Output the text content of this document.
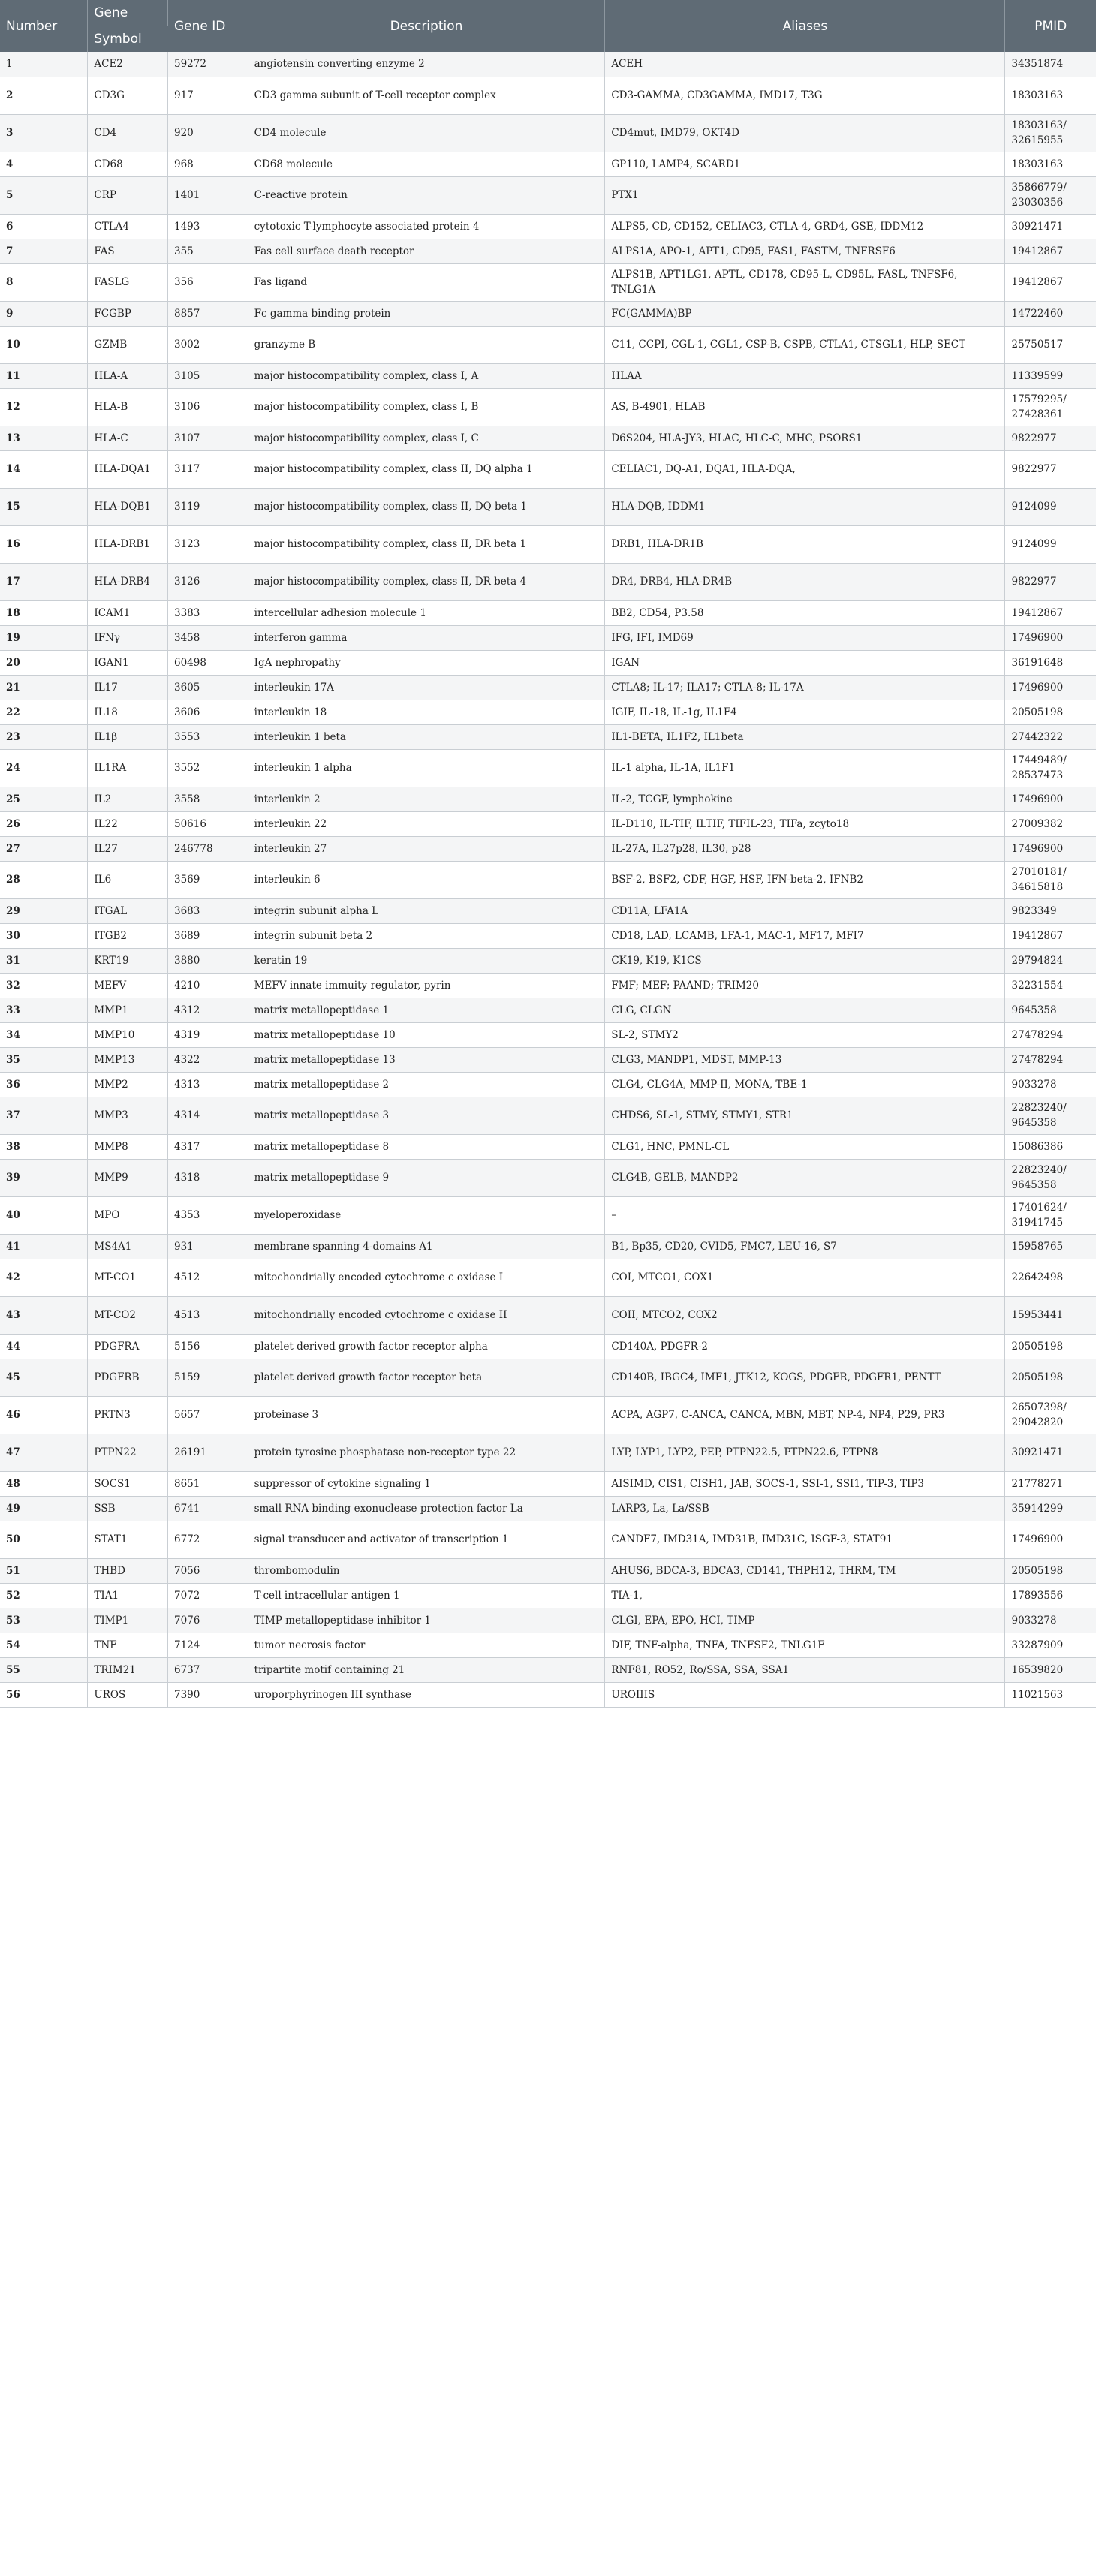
Number	Gene	Gene ID	Description	Aliases	PMID
	Symbol				
1	ACE2	59272	angiotensin converting enzyme 2	ACEH	34351874
2	CD3G	917	CD3 gamma subunit of T-cell receptor complex	CD3-GAMMA, CD3GAMMA, IMD17, T3G	18303163
3	CD4	920	CD4 molecule	CD4mut, IMD79, OKT4D	18303163/ 32615955
4	CD68	968	CD68 molecule	GP110, LAMP4, SCARD1	18303163
5	CRP	1401	C-reactive protein	PTX1	35866779/ 23030356
6	CTLA4	1493	cytotoxic T-lymphocyte associated protein 4	ALPS5, CD, CD152, CELIAC3, CTLA-4, GRD4, GSE, IDDM12	30921471
7	FAS	355	Fas cell surface death receptor	ALPS1A, APO-1, APT1, CD95, FAS1, FASTM, TNFRSF6	19412867
8	FASLG	356	Fas ligand	ALPS1B, APT1LG1, APTL, CD178, CD95-L, CD95L, FASL, TNFSF6, TNLG1A	19412867
9	FCGBP	8857	Fc gamma binding protein	FC(GAMMA)BP	14722460
10	GZMB	3002	granzyme B	C11, CCPI, CGL-1, CGL1, CSP-B, CSPB, CTLA1, CTSGL1, HLP, SECT	25750517
11	HLA-A	3105	major histocompatibility complex, class I, A	HLAA	11339599
12	HLA-B	3106	major histocompatibility complex, class I, B	AS, B-4901, HLAB	17579295/ 27428361
13	HLA-C	3107	major histocompatibility complex, class I, C	D6S204, HLA-JY3, HLAC, HLC-C, MHC, PSORS1	9822977
14	HLA-DQA1	3117	major histocompatibility complex, class II, DQ alpha 1	CELIAC1, DQ-A1, DQA1, HLA-DQA,	9822977
15	HLA-DQB1	3119	major histocompatibility complex, class II, DQ beta 1	HLA-DQB, IDDM1	9124099
16	HLA-DRB1	3123	major histocompatibility complex, class II, DR beta 1	DRB1, HLA-DR1B	9124099
17	HLA-DRB4	3126	major histocompatibility complex, class II, DR beta 4	DR4, DRB4, HLA-DR4B	9822977
18	ICAM1	3383	intercellular adhesion molecule 1	BB2, CD54, P3.58	19412867
19	IFNγ	3458	interferon gamma	IFG, IFI, IMD69	17496900
20	IGAN1	60498	IgA nephropathy	IGAN	36191648
21	IL17	3605	interleukin 17A	CTLA8; IL-17; ILA17; CTLA-8; IL-17A	17496900
22	IL18	3606	interleukin 18	IGIF, IL-18, IL-1g, IL1F4	20505198
23	IL1β	3553	interleukin 1 beta	IL1-BETA, IL1F2, IL1beta	27442322
24	IL1RA	3552	interleukin 1 alpha	IL-1 alpha, IL-1A, IL1F1	17449489/ 28537473
25	IL2	3558	interleukin 2	IL-2, TCGF, lymphokine	17496900
26	IL22	50616	interleukin 22	IL-D110, IL-TIF, ILTIF, TIFIL-23, TIFa, zcyto18	27009382
27	IL27	246778	interleukin 27	IL-27A, IL27p28, IL30, p28	17496900
28	IL6	3569	interleukin 6	BSF-2, BSF2, CDF, HGF, HSF, IFN-beta-2, IFNB2	27010181/ 34615818
29	ITGAL	3683	integrin subunit alpha L	CD11A, LFA1A	9823349
30	ITGB2	3689	integrin subunit beta 2	CD18, LAD, LCAMB, LFA-1, MAC-1, MF17, MFI7	19412867
31	KRT19	3880	keratin 19	CK19, K19, K1CS	29794824
32	MEFV	4210	MEFV innate immuity regulator, pyrin	FMF; MEF; PAAND; TRIM20	32231554
33	MMP1	4312	matrix metallopeptidase 1	CLG, CLGN	9645358
34	MMP10	4319	matrix metallopeptidase 10	SL-2, STMY2	27478294
35	MMP13	4322	matrix metallopeptidase 13	CLG3, MANDP1, MDST, MMP-13	27478294
36	MMP2	4313	matrix metallopeptidase 2	CLG4, CLG4A, MMP-II, MONA, TBE-1	9033278
37	MMP3	4314	matrix metallopeptidase 3	CHDS6, SL-1, STMY, STMY1, STR1	22823240/ 9645358
38	MMP8	4317	matrix metallopeptidase 8	CLG1, HNC, PMNL-CL	15086386
39	MMP9	4318	matrix metallopeptidase 9	CLG4B, GELB, MANDP2	22823240/ 9645358
40	MPO	4353	myeloperoxidase	–	17401624/ 31941745
41	MS4A1	931	membrane spanning 4-domains A1	B1, Bp35, CD20, CVID5, FMC7, LEU-16, S7	15958765
42	MT-CO1	4512	mitochondrially encoded cytochrome c oxidase I	COI, MTCO1, COX1	22642498
43	MT-CO2	4513	mitochondrially encoded cytochrome c oxidase II	COII, MTCO2, COX2	15953441
44	PDGFRA	5156	platelet derived growth factor receptor alpha	CD140A, PDGFR-2	20505198
45	PDGFRB	5159	platelet derived growth factor receptor beta	CD140B, IBGC4, IMF1, JTK12, KOGS, PDGFR, PDGFR1, PENTT	20505198
46	PRTN3	5657	proteinase 3	ACPA, AGP7, C-ANCA, CANCA, MBN, MBT, NP-4, NP4, P29, PR3	26507398/ 29042820
47	PTPN22	26191	protein tyrosine phosphatase non-receptor type 22	LYP, LYP1, LYP2, PEP, PTPN22.5, PTPN22.6, PTPN8	30921471
48	SOCS1	8651	suppressor of cytokine signaling 1	AISIMD, CIS1, CISH1, JAB, SOCS-1, SSI-1, SSI1, TIP-3, TIP3	21778271
49	SSB	6741	small RNA binding exonuclease protection factor La	LARP3, La, La/SSB	35914299
50	STAT1	6772	signal transducer and activator of transcription 1	CANDF7, IMD31A, IMD31B, IMD31C, ISGF-3, STAT91	17496900
51	THBD	7056	thrombomodulin	AHUS6, BDCA-3, BDCA3, CD141, THPH12, THRM, TM	20505198
52	TIA1	7072	T-cell intracellular antigen 1	TIA-1,	17893556
53	TIMP1	7076	TIMP metallopeptidase inhibitor 1	CLGI, EPA, EPO, HCI, TIMP	9033278
54	TNF	7124	tumor necrosis factor	DIF, TNF-alpha, TNFA, TNFSF2, TNLG1F	33287909
55	TRIM21	6737	tripartite motif containing 21	RNF81, RO52, Ro/SSA, SSA, SSA1	16539820
56	UROS	7390	uroporphyrinogen III synthase	UROIIIS	11021563
